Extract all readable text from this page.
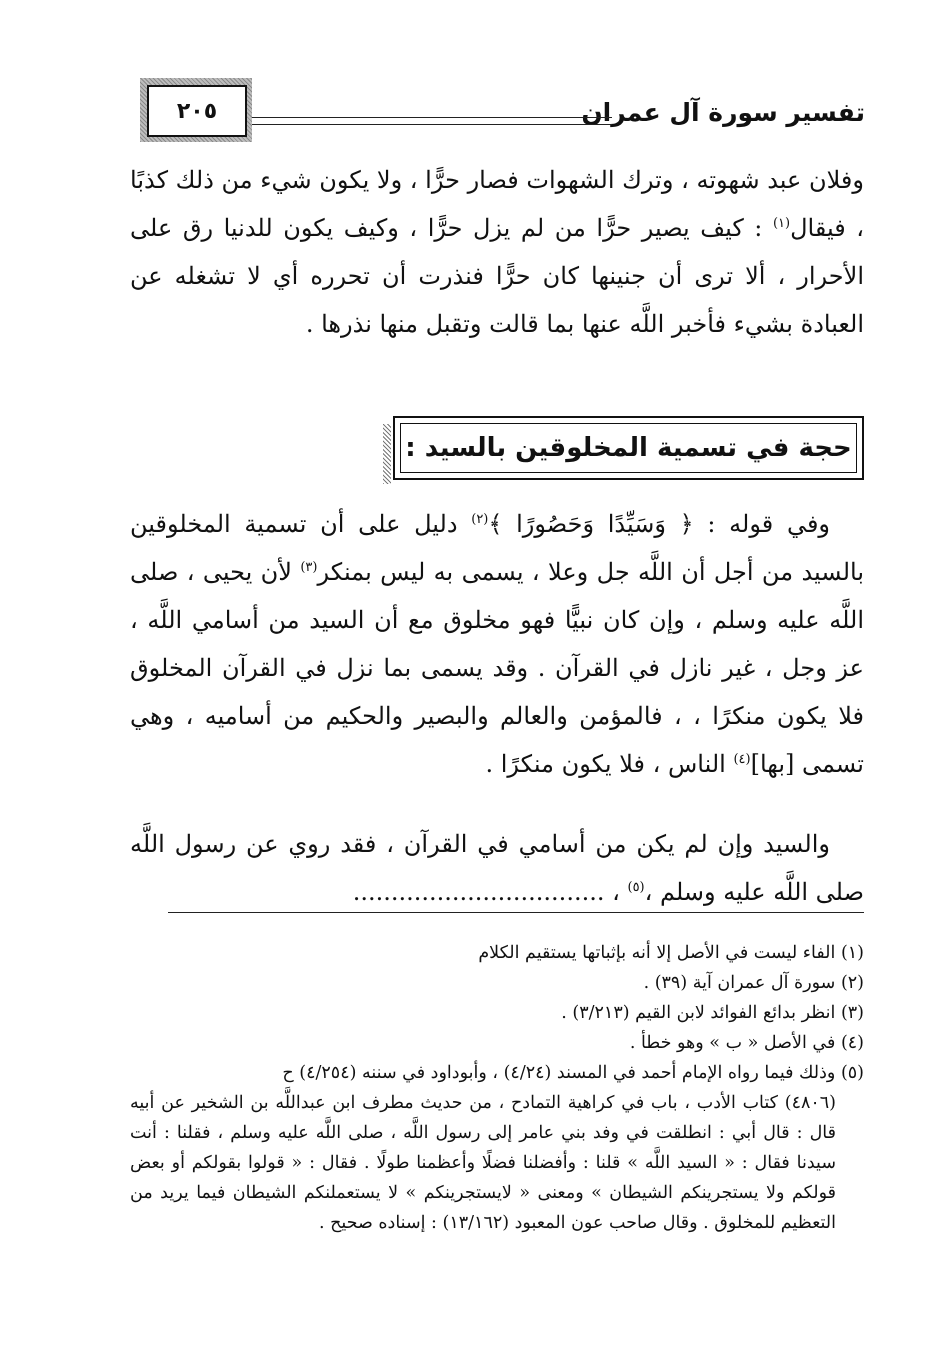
تفسير سورة آل عمران
٢٠٥

وفلان عبد شهوته ، وترك الشهوات فصار حرًّا ، ولا يكون شيء من ذلك كذبًا ، فيقال$^{(١)}$ : كيف يصير حرًّا من لم يزل حرًّا ، وكيف يكون للدنيا رق على الأحرار ، ألا ترى أن جنينها كان حرًّا فنذرت أن تحرره أي لا تشغله عن العبادة بشيء فأخبر اللَّه عنها بما قالت وتقبل منها نذرها .

حجة في تسمية المخلوقين بالسيد :

وفي قوله : ﴿ وَسَيِّدًا وَحَصُورًا ﴾$^{(٢)}$ دليل على أن تسمية المخلوقين بالسيد من أجل أن اللَّه جل وعلا ، يسمى به ليس بمنكر$^{(٣)}$ لأن يحيى ، صلى اللَّه عليه وسلم ، وإن كان نبيًّا فهو مخلوق مع أن السيد من أسامي اللَّه ، عز وجل ، غير نازل في القرآن . وقد يسمى بما نزل في القرآن المخلوق فلا يكون منكرًا ، ، فالمؤمن والعالم والبصير والحكيم من أساميه ، وهي تسمى [بها]$^{(٤)}$ الناس ، فلا يكون منكرًا .

والسيد وإن لم يكن من أسامي في القرآن ، فقد روي عن رسول اللَّه صلى اللَّه عليه وسلم ،$^{(٥)}$ ، .................................

(١) الفاء ليست في الأصل إلا أنه بإثباتها يستقيم الكلام
(٢) سورة آل عمران آية (٣٩) .
(٣) انظر بدائع الفوائد لابن القيم (٣/٢١٣) .
(٤) في الأصل « ب » وهو خطأ .
(٥) وذلك فيما رواه الإمام أحمد في المسند (٤/٢٤) ، وأبوداود في سننه (٤/٢٥٤) ح
(٤٨٠٦) كتاب الأدب ، باب في كراهية التمادح ، من حديث مطرف ابن عبداللَّه بن الشخير عن أبيه قال : قال أبي : انطلقت في وفد بني عامر إلى رسول اللَّه ، صلى اللَّه عليه وسلم ، فقلنا : أنت سيدنا فقال : « السيد اللَّه » قلنا : وأفضلنا فضلًا وأعظمنا طولًا . فقال : « قولوا بقولكم أو بعض قولكم ولا يستجرينكم الشيطان » ومعنى « لايستجرينكم » لا يستعملنكم الشيطان فيما يريد من التعظيم للمخلوق . وقال صاحب عون المعبود (١٣/١٦٢) : إسناده صحيح .
